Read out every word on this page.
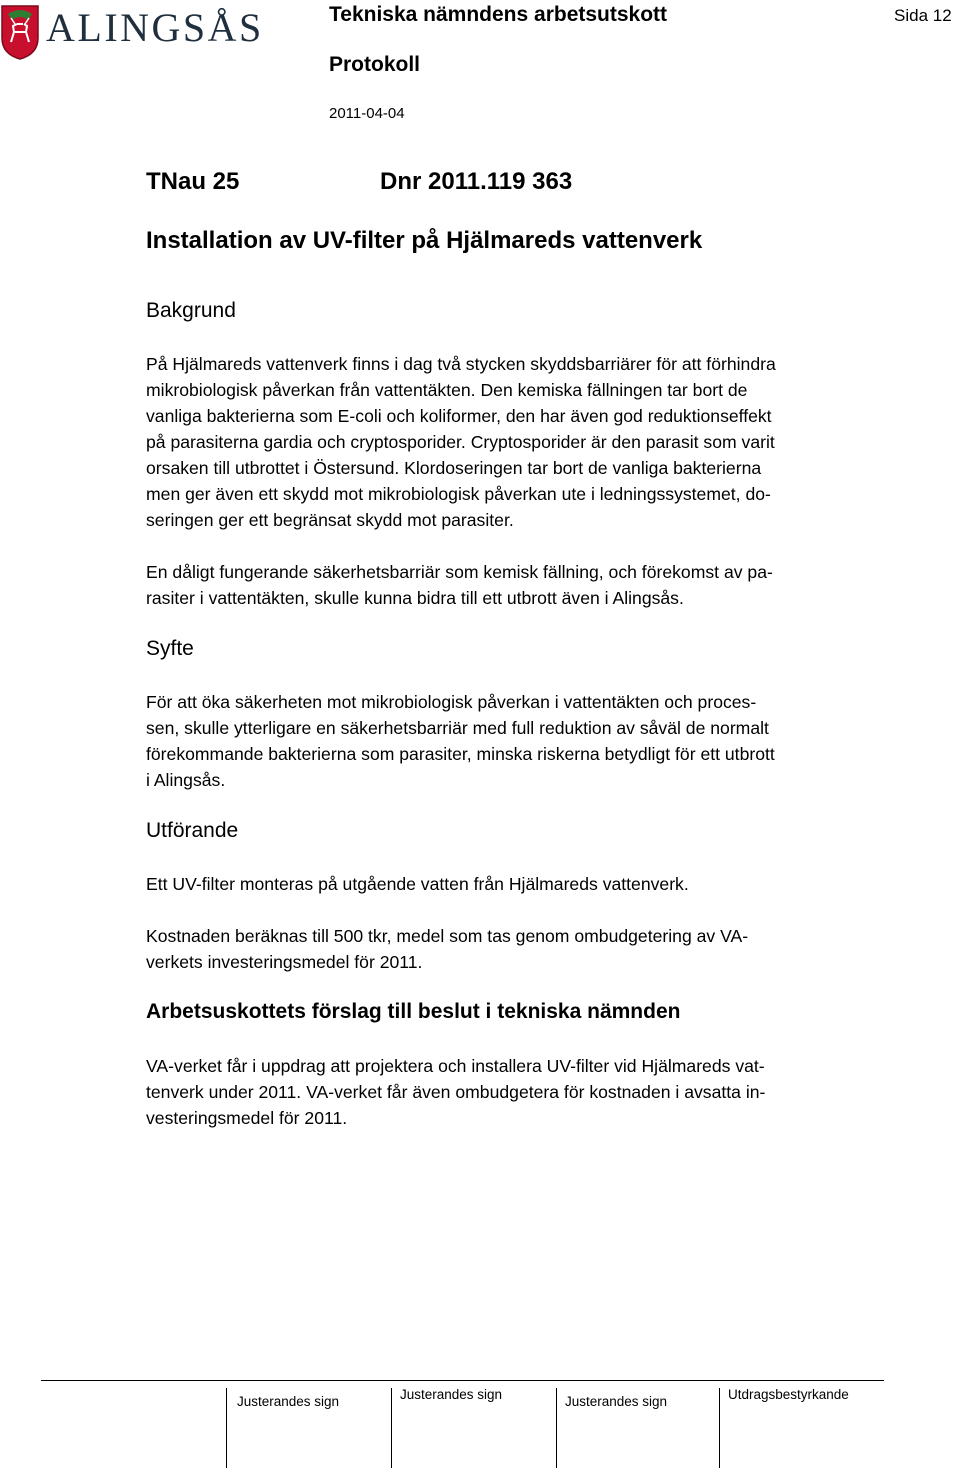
ALINGSÅS	Tekniska nämndens arbetsutskott	Sida 12
Protokoll
2011-04-04
TNau 25	Dnr 2011.119 363
Installation av UV-filter på Hjälmareds vattenverk
Bakgrund
På Hjälmareds vattenverk finns i dag två stycken skyddsbarriärer för att förhindra
mikrobiologisk påverkan från vattentäkten. Den kemiska fällningen tar bort de
vanliga bakterierna som E-coli och koliformer, den har även god reduktionseffekt
på parasiterna gardia och cryptosporider. Cryptosporider är den parasit som varit
orsaken till utbrottet i Östersund. Klordoseringen tar bort de vanliga bakterierna
men ger även ett skydd mot mikrobiologisk påverkan ute i ledningssystemet, do-
seringen ger ett begränsat skydd mot parasiter.
En dåligt fungerande säkerhetsbarriär som kemisk fällning, och förekomst av pa-
rasiter i vattentäkten, skulle kunna bidra till ett utbrott även i Alingsås.
Syfte
För att öka säkerheten mot mikrobiologisk påverkan i vattentäkten och proces-
sen, skulle ytterligare en säkerhetsbarriär med full reduktion av såväl de normalt
förekommande bakterierna som parasiter, minska riskerna betydligt för ett utbrott
i Alingsås.
Utförande
Ett UV-filter monteras på utgående vatten från Hjälmareds vattenverk.
Kostnaden beräknas till 500 tkr, medel som tas genom ombudgetering av VA-
verkets investeringsmedel för 2011.
Arbetsuskottets förslag till beslut i tekniska nämnden
VA-verket får i uppdrag att projektera och installera UV-filter vid Hjälmareds vat-
tenverk under 2011. VA-verket får även ombudgetera för kostnaden i avsatta in-
vesteringsmedel för 2011.
Justerandes sign	Justerandes sign	Justerandes sign	Utdragsbestyrkande
